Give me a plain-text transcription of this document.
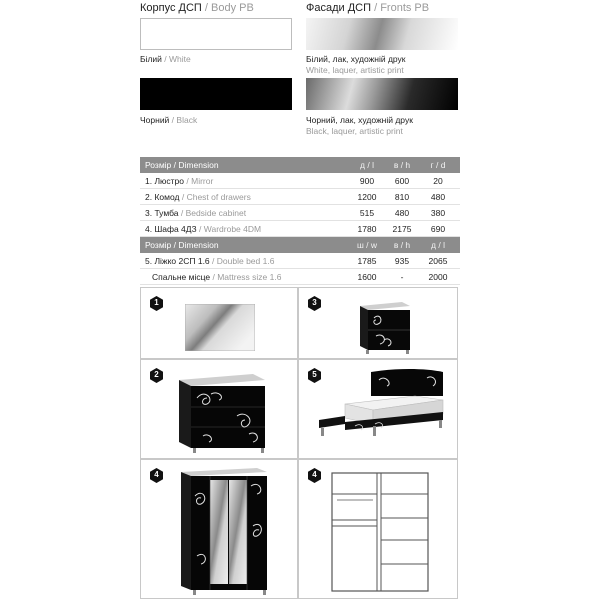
Корпус ДСП / Body PB
Білий / White
Чорний / Black
Фасади ДСП / Fronts PB
Білий, лак, художній друк
White, laquer, artistic print
Чорний, лак, художній друк
Black, laquer, artistic print
Розмір / Dimension	д / l	в / h	г / d
1. Люстро / Mirror	900	600	20
2. Комод / Chest of drawers	1200	810	480
3. Тумба / Bedside cabinet	515	480	380
4. Шафа 4ДЗ / Wardrobe 4DM	1780	2175	690
Розмір / Dimension	ш / w	в / h	д / l
5. Ліжко 2СП 1.6 / Double bed 1.6	1785	935	2065
Спальне місце / Mattress size 1.6	1600	-	2000
1	3
2	5
4	4
